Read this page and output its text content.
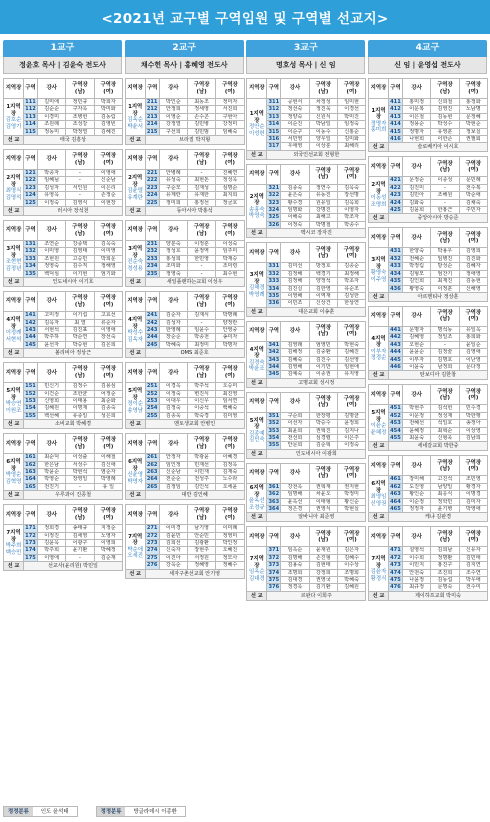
<2021년 교구별 구역임원 및 구역별 선교지>
1교구
정윤호 목사 | 김윤숙 전도사
지역장	구역	강사	구역장
(남)	구역장
(여)

1지역장
김호순
김영기	111	길미애	정민규	박희자
	112	김순순	구자옥	박미화
	113	이경미	조병헌	김동림
	114	조원례	조성강	김영빈
	115	정동미	박정열	김혜진
선 교	태국 김흥상			
지역장	구역	강사	구역장
(남)	구역장
(여)

2지역장
최영식
김영석	121	박종자	-	이영애
	122	임혜님	-	신순남
	123	김성자	서인원	이은리
	124	유영옥	-	손정순
	125	이정숙	김영식	이현장
선 교	러시아 장석천			
지역장	구역	강사	구역장
(남)	구역장
(여)

3지역장
조현현
김정년	131	조연순	강종택	김옥숙
	132	이미영	김영태	이미영
	133	조현원	고승민	박희운
	134	정영숙	김수직	정해영
	135	백덕심	이기현	엄기화
선 교	인도네시아 이기호			
지역장	구역	강사	구역장
(남)	구역장
(여)

4지역장
이정례
서현석	141	고미정	이기섭	고효선
	142	김옥자	최 열	류순자
	143	서현석	김진표	이영애
	144	박주하	박순연	장선숙
	145	윤선자	박승현	김온희
선 교	볼리비아 정상근			
지역장	구역	강사	구역장
(남)	구역장
(여)

5지역장
박승연
이원조	151	민신기	김정수	김용심
	152	이건순	조한균	어정순
	153	신영희	이태용	최순화
	154	김혜원	이명재	김종숙
	155	백선혜	유종일	성은희
선 교	소비교회 박혜경			
지역장	구역	강사	구역장
(남)	구역장
(여)

6지역장
박영순
김혁영	161	최순덕	이성출	이해철
	162	한은남	서성수	김신애
	163	박윤순	박현석	염순자
	164	박영순	장영일	박영례
	165	전진기	-	유 일
선 교	우루과이 진종철			
지역장	구역	강사	구역장
(남)	구역장
(여)

7지역장
박주희
백승민	171	정희경	송태규	지정순
	172	이정진	김세영	노영자
	173	김윤옥	이광구	이영희
	174	박주희	윤기환	박혜정
	175	이영애	-	김순재
선 교	선교사(윤리원) 박민일			
2교구
채수헌 목사 | 홍혜영 전도사
지역장	구역	강사	구역장
(남)	구역장
(여)

1지역장
김옥순
박윤서	211	박인순	최동조	정미자
	212	안정희	정세영	서진희
	213	이영순	손수곤	구현아
	214	강정열	김민병	강정미
	215	구선희	김민범	임혜숙
선 교	브라질 박지형			
지역장	구역	강사	구역장
(남)	구역장
(여)

2지역장
김윤렬
유계란	221	안병례	-	진혜연
	222	유성숙	최현돈	정성옥
	223	구순모	김재성	심명순
	224	유계란	유재한	최지희
	225	정미희	홍정선	정금호
선 교	동아시아 박홍석			
지역장	구역	강사	구역장
(남)	구역장
(여)

3지역장
진순숙
정성용	231	양분숙	이정훈	이성숙
	232	정성호	윤정역	임주미
	233	홍성희	한민영	박재승
	234	조미화	-	조미령
	235	정영숙	-	최수현
선 교	새일플랜하는교회 이성우			
지역장	구역	강사	구역장
(남)	구역장
(여)

4지역장
박성수
김옥자	241	김순자	김재식	박명례
	242	김성자	-	양정란
	243	한영례	임윤수	안영중
	244	장순준	박종천	송미자
	245	박혜숙	최정미	박명자
선 교	OMS 최준호			
지역장	구역	강사	구역장
(남)	구역장
(여)

5지역장
정이순
송영남	251	이경옥	박주석	오승미
	252	이정숙	변진식	최진영
	253	이대우	이신우	임서연
	254	김정숙	이중석	백혜숙
	255	김종욱	박숙경	김미영
선 교	멘토생교회 안병인			
지역장	구역	강사	구역장
(남)	구역장
(여)

6지역장
신윤영
박영자	261	안정자	박광윤	이혜경
	262	임인정	민재선	김정옥
	263	신순남	이민재	김재숙
	264	전순순	전성주	노수라
	265	김정임	김인석	오세윤
선 교	대만 김인혜			
지역장	구역	강사	구역장
(남)	구역장
(여)

7지역장
박순애
오세진	271	이미경	남기영	이미례
	272	김윤민	안순민	정영미
	273	김희선	김광환	박인정
	274	신숙자	장현주	오혜진
	275	이진아	서정원	정모사
	276	강옥순	정혜영	정혜수
선 교	세자구촌선교회 안기영			
3교구
명호성 목사 | 신 임
지역장	구역	강사	구역장
(남)	구역장
(여)

1지역장
정안순
이성헌	311	공현서	차정성	임미현
	312	정선숙	정진욱	이경선
	313	정양숙	신원식	박미진
	314	이순진	박남일	임정숙
	315	이순구	이동수	신홍순
	316	서민영	양우일	김미화
	317	우애영	이상훈	최해리
선 교	외국인선교회 전형한			
지역장	구역	강사	구역장
(남)	구역장
(여)

2지역장
송홍숙
박영숙	321	김종숙	정연수	김옥숙
	322	윤은숙	유동진	장선명
	323	황수경	원유일	김옥희
	324	임명화	강명진	이영자
	325	이해숙	최해고	박조자
	326	이정숙	박명철	박종수
선 교	멕시코 장자진			
지역장	구역	강사	구역장
(남)	구역장
(여)

3지역장
김해경
박영례	331	김미선	방정호	김종순
	332	김정해	백경기	최정해
	333	김정해	양정석	박초자
	334	김진실	김한영	유순조
	335	이영해	이역재	김성한
	336	이민조	신상건	한상연
선 교	대은교회 이송훈			
지역장	구역	강사	구역장
(남)	구역장
(여)

4지역장
김경숙
박윤조	341	김영래	엄영민	박현숙
	342	김해정	김중환	김혜진
	343	김혜숙	김진수	김선영
	344	김영해	이기만	임현애
	345	김예숙	이종권	유지영
선 교	고명교회 성시정			
지역장	구역	강사	구역장
(남)	구역장
(여)

5지역장
김종예
김민숙	351	구순희	한장평	김명균
	352	이선자	박승수	윤정희
	353	최윤희	권혁진	김지나
	354	전선희	심경렬	이은주
	355	안문희	김순혁	이정숙
선 교	인도네시아 이광희			
지역장	구역	강사	구역장
(남)	구역장
(여)

6지역장
윤옥선
조정규	361	강천옥	권혁재	권지현
	362	임명해	차윤오	박정미
	363	윤옥선	이태형	황신순
	364	정은경	권영식	박현실
선 교	알바니아 최준영			
지역장	구역	강사	구역장
(남)	구역장
(여)

7지역장
임옥순
김대경	371	임옥순	윤재원	김은자
	372	김명해	손진형	김혜수
	373	김용숙	김현태	이수상
	374	조명희	강정희	조명희
	375	김대경	권영국	박혜숙
	376	정경옥	김기환	김혜원
선 교	르완다 이희주			
4교구
신 임 | 윤영섭 전도사
지역장	구역	강사	구역장
(남)	구역장
(여)

1지역장
정명자
홍미희	411	홍미정	신희철	홍정화
	412	이운복	김영진	노남명
	413	이은철	김동현	문정혜
	414	정용순	박성수	박현순
	415	정명자	유영훈	정보실
	416	나현희	이한준	권필회
선 교	슬로베키아 이시호			
지역장	구역	강사	구역장
(남)	구역장
(여)

2지역장
이동성
조명희	421	문정순	이종성	문민례
	422	김진미	-	전수복
	423	김민아	조해원	박순애
	424	김화숙	-	김채숙
	425	김윤희	한홍근	주민자
선 교	중앙아시아 방승준			
지역장	구역	강사	구역장
(남)	구역장
(여)

3지역장
황영숙
이주영	431	한양숙	박용우	김영희
	432	전혜순	임병진	김진화
	433	박정림	방성순	김혜자
	434	김형모	엄찬기	정애영
	435	김인희	최재진	김동현
	436	황영숙	이정훈	신해영
선 교	아르헨티나 정상훈			
지역장	구역	강사	구역장
(남)	구역장
(여)

4지역장
이부자
정경순	441	문명자	명석동	유일옥
	442	김혜영	정일조	홍희화
	443	오현순	-	윤일순
	444	윤윤순	김정술	김영애
	445	이부자	김명호	이난영
	446	이윤숙	남정희	문다정
선 교	탄보디아 김한창			
지역장	구역	강사	구역장
(남)	구역장
(여)

5지역장
이윤순
윤혜정	451	박현주	김석헌	민수경
	452	이운정	정성재	박한행
	453	전혜선	석일호	송정아
	454	윤혜정	최혁순	이상영
	455	최윤숙	신형욱	김남희
선 교	세네갈교회 박한중			
지역장	구역	강사	구역장
(남)	구역장
(여)

6지역장
최영임
신영권	461	장미해	고진석	조민영
	462	도진영	남양일	황경자
	463	황인순	최응식	이명경
	464	이순정	정학민	김미자
	465	정정자	윤기병	박영애
선 교	케냐 김판경			
지역장	구역	강사	구역장
(남)	구역장
(여)

7지역장
김윤자
황경식	471	설영석	김희남	신유자
	472	이수희	정명환	김민태
	473	이민지	홍진구	김지연
	474	안천숙	조진희	조수연
	475	나윤정	김동섭	박우애
	476	최규정	문명숙	전수미
선 교	제이하프교회 박미숙			
정정분류	인도 윤석태	정정분류	방글라데시 이종환
